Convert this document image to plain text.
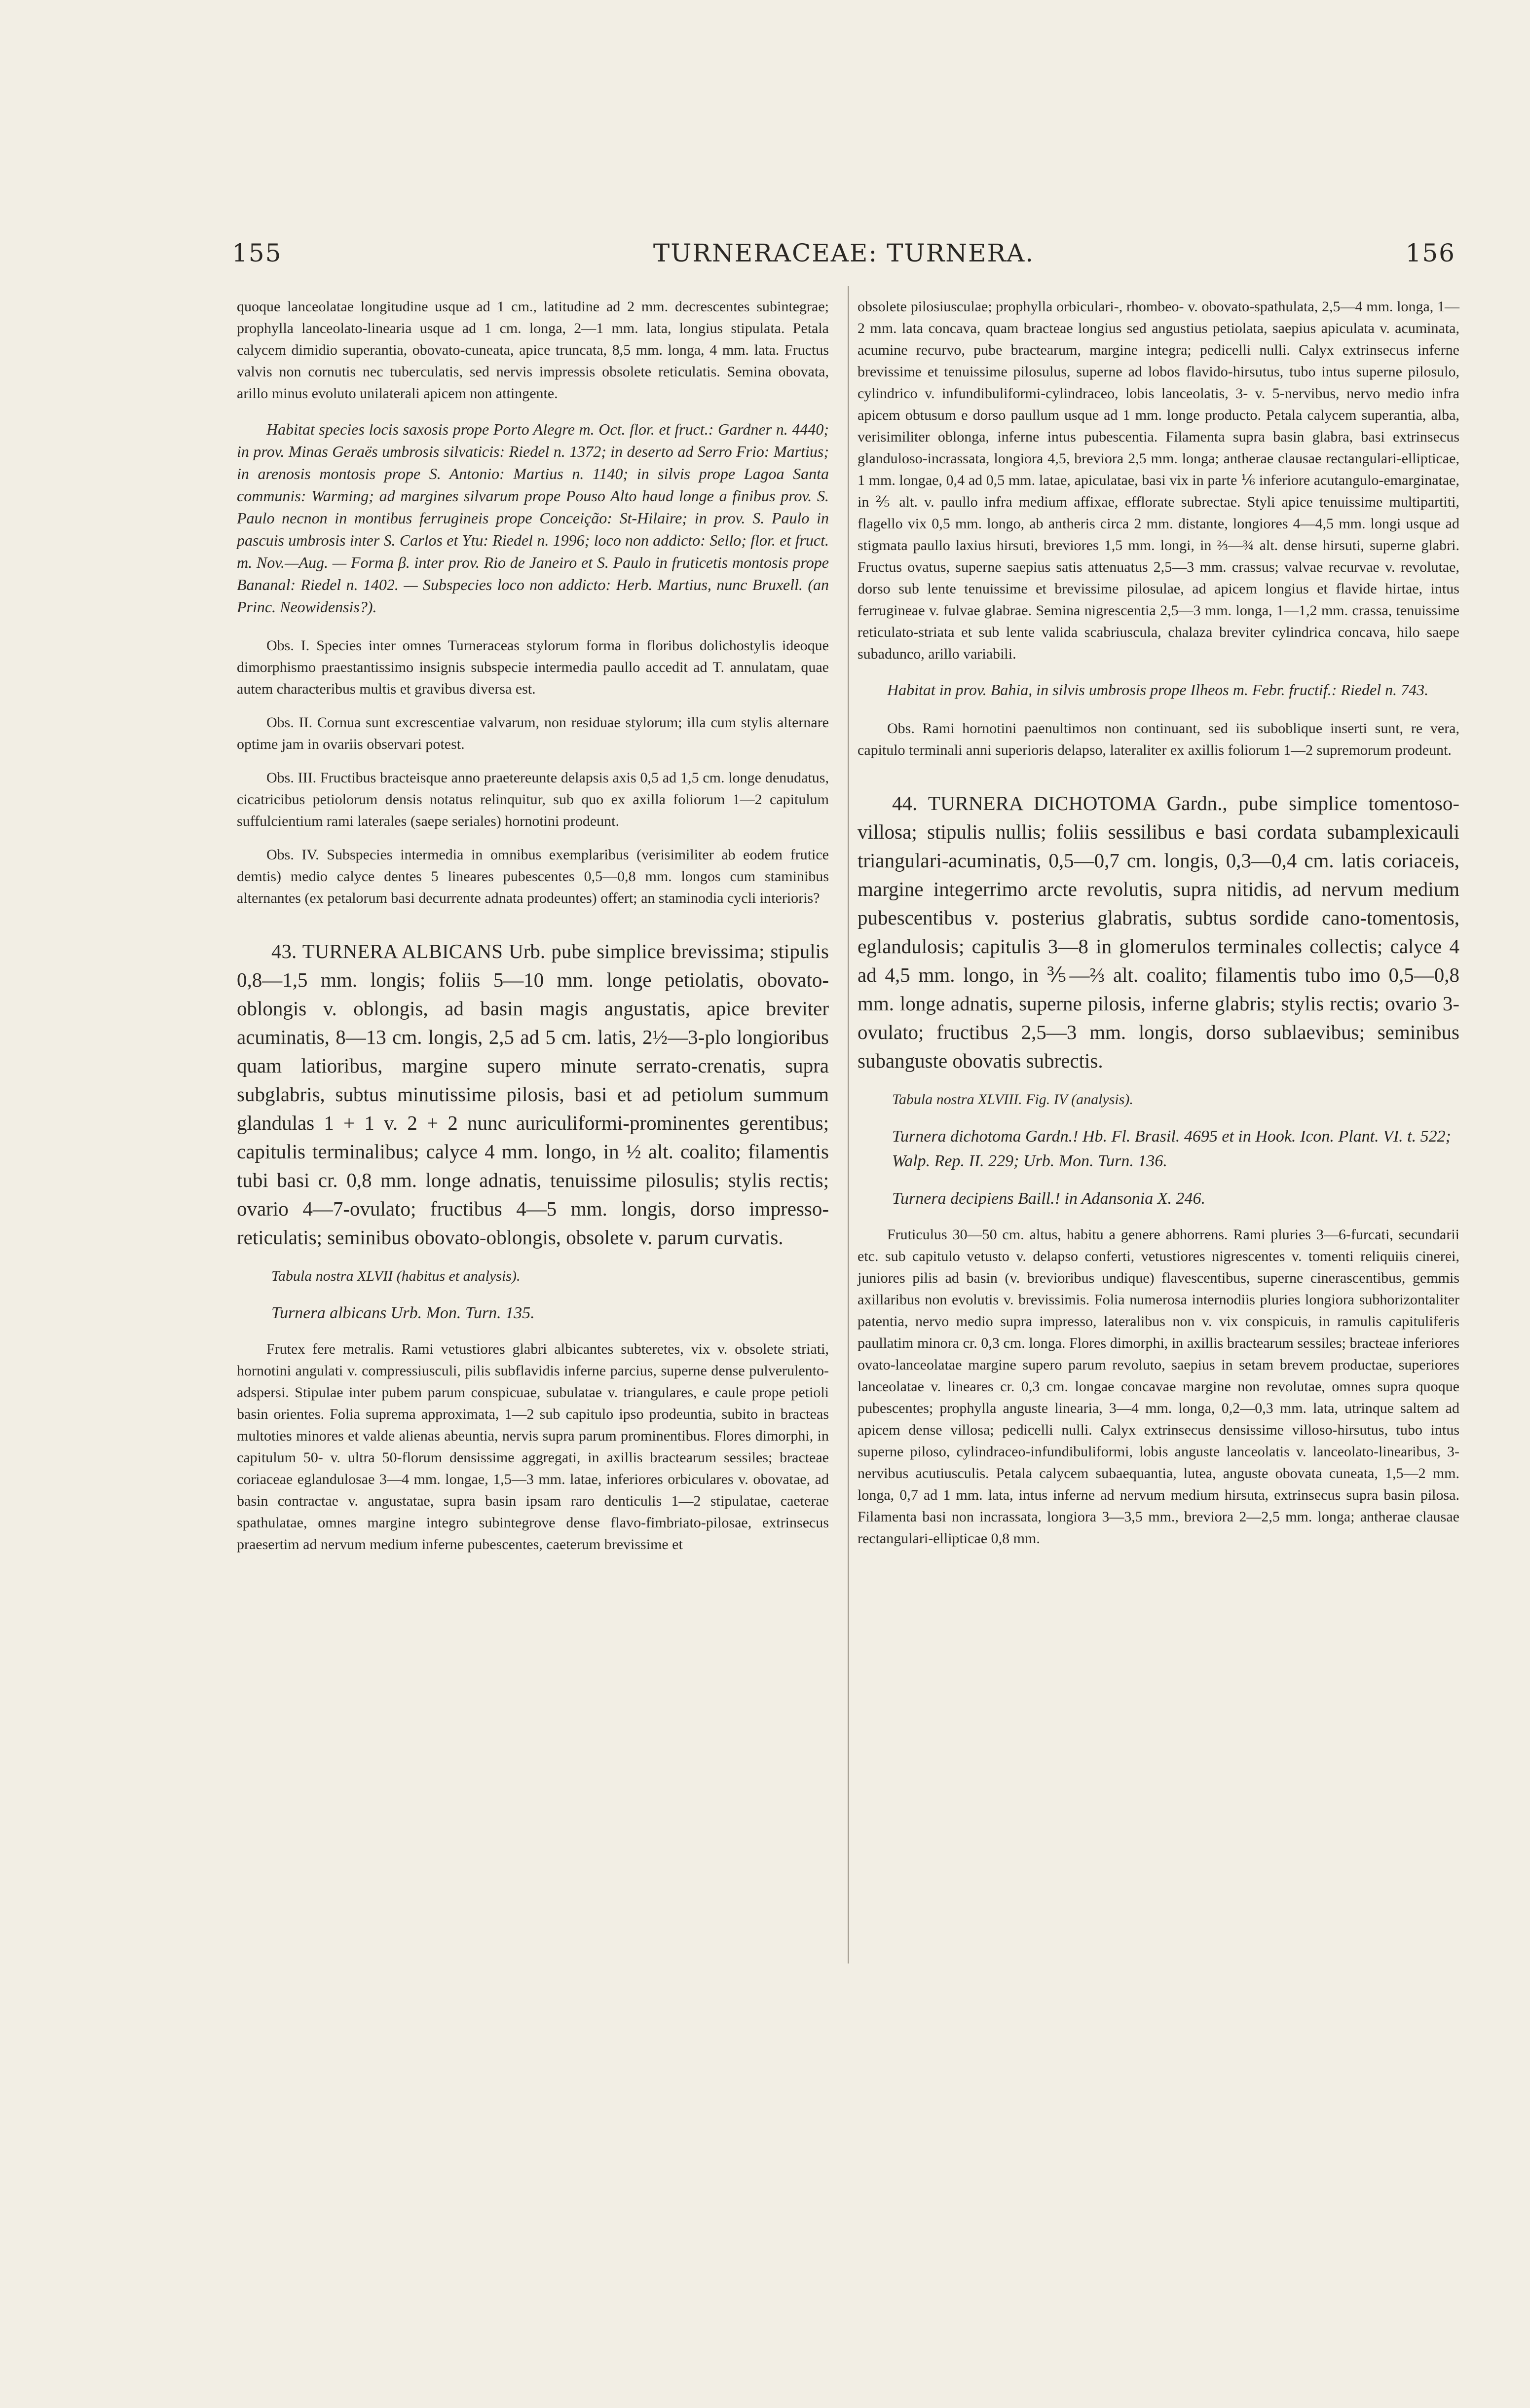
155	TURNERACEAE: TURNERA.	156

quoque lanceolatae longitudine usque ad 1 cm., latitudine ad 2 mm. decrescentes subintegrae; prophylla lanceolato-linearia usque ad 1 cm. longa, 2—1 mm. lata, longius stipulata. Petala calycem dimidio superantia, obovato-cuneata, apice truncata, 8,5 mm. longa, 4 mm. lata. Fructus valvis non cornutis nec tuberculatis, sed nervis impressis obsolete reticulatis. Semina obovata, arillo minus evoluto unilaterali apicem non attingente.

Habitat species locis saxosis prope Porto Alegre m. Oct. flor. et fruct.: Gardner n. 4440; in prov. Minas Geraës umbrosis silvaticis: Riedel n. 1372; in deserto ad Serro Frio: Martius; in arenosis montosis prope S. Antonio: Martius n. 1140; in silvis prope Lagoa Santa communis: Warming; ad margines silvarum prope Pouso Alto haud longe a finibus prov. S. Paulo necnon in montibus ferrugineis prope Conceição: St-Hilaire; in prov. S. Paulo in pascuis umbrosis inter S. Carlos et Ytu: Riedel n. 1996; loco non addicto: Sello; flor. et fruct. m. Nov.—Aug. — Forma β. inter prov. Rio de Janeiro et S. Paulo in fruticetis montosis prope Bananal: Riedel n. 1402. — Subspecies loco non addicto: Herb. Martius, nunc Bruxell. (an Princ. Neowidensis?).

Obs. I. Species inter omnes Turneraceas stylorum forma in floribus dolichostylis ideoque dimorphismo praestantissimo insignis subspecie intermedia paullo accedit ad T. annulatam, quae autem characteribus multis et gravibus diversa est.

Obs. II. Cornua sunt excrescentiae valvarum, non residuae stylorum; illa cum stylis alternare optime jam in ovariis observari potest.

Obs. III. Fructibus bracteisque anno praetereunte delapsis axis 0,5 ad 1,5 cm. longe denudatus, cicatricibus petiolorum densis notatus relinquitur, sub quo ex axilla foliorum 1—2 capitulum suffulcientium rami laterales (saepe seriales) hornotini prodeunt.

Obs. IV. Subspecies intermedia in omnibus exemplaribus (verisimiliter ab eodem frutice demtis) medio calyce dentes 5 lineares pubescentes 0,5—0,8 mm. longos cum staminibus alternantes (ex petalorum basi decurrente adnata prodeuntes) offert; an staminodia cycli interioris?

43. TURNERA ALBICANS Urb. pube simplice brevissima; stipulis 0,8—1,5 mm. longis; foliis 5—10 mm. longe petiolatis, obovato-oblongis v. oblongis, ad basin magis angustatis, apice breviter acuminatis, 8—13 cm. longis, 2,5 ad 5 cm. latis, 2½—3-plo longioribus quam latioribus, margine supero minute serrato-crenatis, supra subglabris, subtus minutissime pilosis, basi et ad petiolum summum glandulas 1 + 1 v. 2 + 2 nunc auriculiformi-prominentes gerentibus; capitulis terminalibus; calyce 4 mm. longo, in ½ alt. coalito; filamentis tubi basi cr. 0,8 mm. longe adnatis, tenuissime pilosulis; stylis rectis; ovario 4—7-ovulato; fructibus 4—5 mm. longis, dorso impresso-reticulatis; seminibus obovato-oblongis, obsolete v. parum curvatis.

Tabula nostra XLVII (habitus et analysis).

Turnera albicans Urb. Mon. Turn. 135.

Frutex fere metralis. Rami vetustiores glabri albicantes subteretes, vix v. obsolete striati, hornotini angulati v. compressiusculi, pilis subflavidis inferne parcius, superne dense pulverulento-adspersi. Stipulae inter pubem parum conspicuae, subulatae v. triangulares, e caule prope petioli basin orientes. Folia suprema approximata, 1—2 sub capitulo ipso prodeuntia, subito in bracteas multoties minores et valde alienas abeuntia, nervis supra parum prominentibus. Flores dimorphi, in capitulum 50- v. ultra 50-florum densissime aggregati, in axillis bractearum sessiles; bracteae coriaceae eglandulosae 3—4 mm. longae, 1,5—3 mm. latae, inferiores orbiculares v. obovatae, ad basin contractae v. angustatae, supra basin ipsam raro denticulis 1—2 stipulatae, caeterae spathulatae, omnes margine integro subintegrove dense flavo-fimbriato-pilosae, extrinsecus praesertim ad nervum medium inferne pubescentes, caeterum brevissime et

obsolete pilosiusculae; prophylla orbiculari-, rhombeo- v. obovato-spathulata, 2,5—4 mm. longa, 1—2 mm. lata concava, quam bracteae longius sed angustius petiolata, saepius apiculata v. acuminata, acumine recurvo, pube bractearum, margine integra; pedicelli nulli. Calyx extrinsecus inferne brevissime et tenuissime pilosulus, superne ad lobos flavido-hirsutus, tubo intus superne pilosulo, cylindrico v. infundibuliformi-cylindraceo, lobis lanceolatis, 3- v. 5-nervibus, nervo medio infra apicem obtusum e dorso paullum usque ad 1 mm. longe producto. Petala calycem superantia, alba, verisimiliter oblonga, inferne intus pubescentia. Filamenta supra basin glabra, basi extrinsecus glanduloso-incrassata, longiora 4,5, breviora 2,5 mm. longa; antherae clausae rectangulari-ellipticae, 1 mm. longae, 0,4 ad 0,5 mm. latae, apiculatae, basi vix in parte ⅙ inferiore acutangulo-emarginatae, in ⅖ alt. v. paullo infra medium affixae, efflorate subrectae. Styli apice tenuissime multipartiti, flagello vix 0,5 mm. longo, ab antheris circa 2 mm. distante, longiores 4—4,5 mm. longi usque ad stigmata paullo laxius hirsuti, breviores 1,5 mm. longi, in ⅔—¾ alt. dense hirsuti, superne glabri. Fructus ovatus, superne saepius satis attenuatus 2,5—3 mm. crassus; valvae recurvae v. revolutae, dorso sub lente tenuissime et brevissime pilosulae, ad apicem longius et flavide hirtae, intus ferrugineae v. fulvae glabrae. Semina nigrescentia 2,5—3 mm. longa, 1—1,2 mm. crassa, tenuissime reticulato-striata et sub lente valida scabriuscula, chalaza breviter cylindrica concava, hilo saepe subadunco, arillo variabili.

Habitat in prov. Bahia, in silvis umbrosis prope Ilheos m. Febr. fructif.: Riedel n. 743.

Obs. Rami hornotini paenultimos non continuant, sed iis suboblique inserti sunt, re vera, capitulo terminali anni superioris delapso, lateraliter ex axillis foliorum 1—2 supremorum prodeunt.

44. TURNERA DICHOTOMA Gardn., pube simplice tomentoso-villosa; stipulis nullis; foliis sessilibus e basi cordata subamplexicauli triangulari-acuminatis, 0,5—0,7 cm. longis, 0,3—0,4 cm. latis coriaceis, margine integerrimo arcte revolutis, supra nitidis, ad nervum medium pubescentibus v. posterius glabratis, subtus sordide cano-tomentosis, eglandulosis; capitulis 3—8 in glomerulos terminales collectis; calyce 4 ad 4,5 mm. longo, in ⅗—⅔ alt. coalito; filamentis tubo imo 0,5—0,8 mm. longe adnatis, superne pilosis, inferne glabris; stylis rectis; ovario 3-ovulato; fructibus 2,5—3 mm. longis, dorso sublaevibus; seminibus subanguste obovatis subrectis.

Tabula nostra XLVIII. Fig. IV (analysis).

Turnera dichotoma Gardn.! Hb. Fl. Brasil. 4695 et in Hook. Icon. Plant. VI. t. 522; Walp. Rep. II. 229; Urb. Mon. Turn. 136.

Turnera decipiens Baill.! in Adansonia X. 246.

Fruticulus 30—50 cm. altus, habitu a genere abhorrens. Rami pluries 3—6-furcati, secundarii etc. sub capitulo vetusto v. delapso conferti, vetustiores nigrescentes v. tomenti reliquiis cinerei, juniores pilis ad basin (v. brevioribus undique) flavescentibus, superne cinerascentibus, gemmis axillaribus non evolutis v. brevissimis. Folia numerosa internodiis pluries longiora subhorizontaliter patentia, nervo medio supra impresso, lateralibus non v. vix conspicuis, in ramulis capituliferis paullatim minora cr. 0,3 cm. longa. Flores dimorphi, in axillis bractearum sessiles; bracteae inferiores ovato-lanceolatae margine supero parum revoluto, saepius in setam brevem productae, superiores lanceolatae v. lineares cr. 0,3 cm. longae concavae margine non revolutae, omnes supra quoque pubescentes; prophylla anguste linearia, 3—4 mm. longa, 0,2—0,3 mm. lata, utrinque saltem ad apicem dense villosa; pedicelli nulli. Calyx extrinsecus densissime villoso-hirsutus, tubo intus superne piloso, cylindraceo-infundibuliformi, lobis anguste lanceolatis v. lanceolato-linearibus, 3-nervibus acutiusculis. Petala calycem subaequantia, lutea, anguste obovata cuneata, 1,5—2 mm. longa, 0,7 ad 1 mm. lata, intus inferne ad nervum medium hirsuta, extrinsecus supra basin pilosa. Filamenta basi non incrassata, longiora 3—3,5 mm., breviora 2—2,5 mm. longa; antherae clausae rectangulari-ellipticae 0,8 mm.
